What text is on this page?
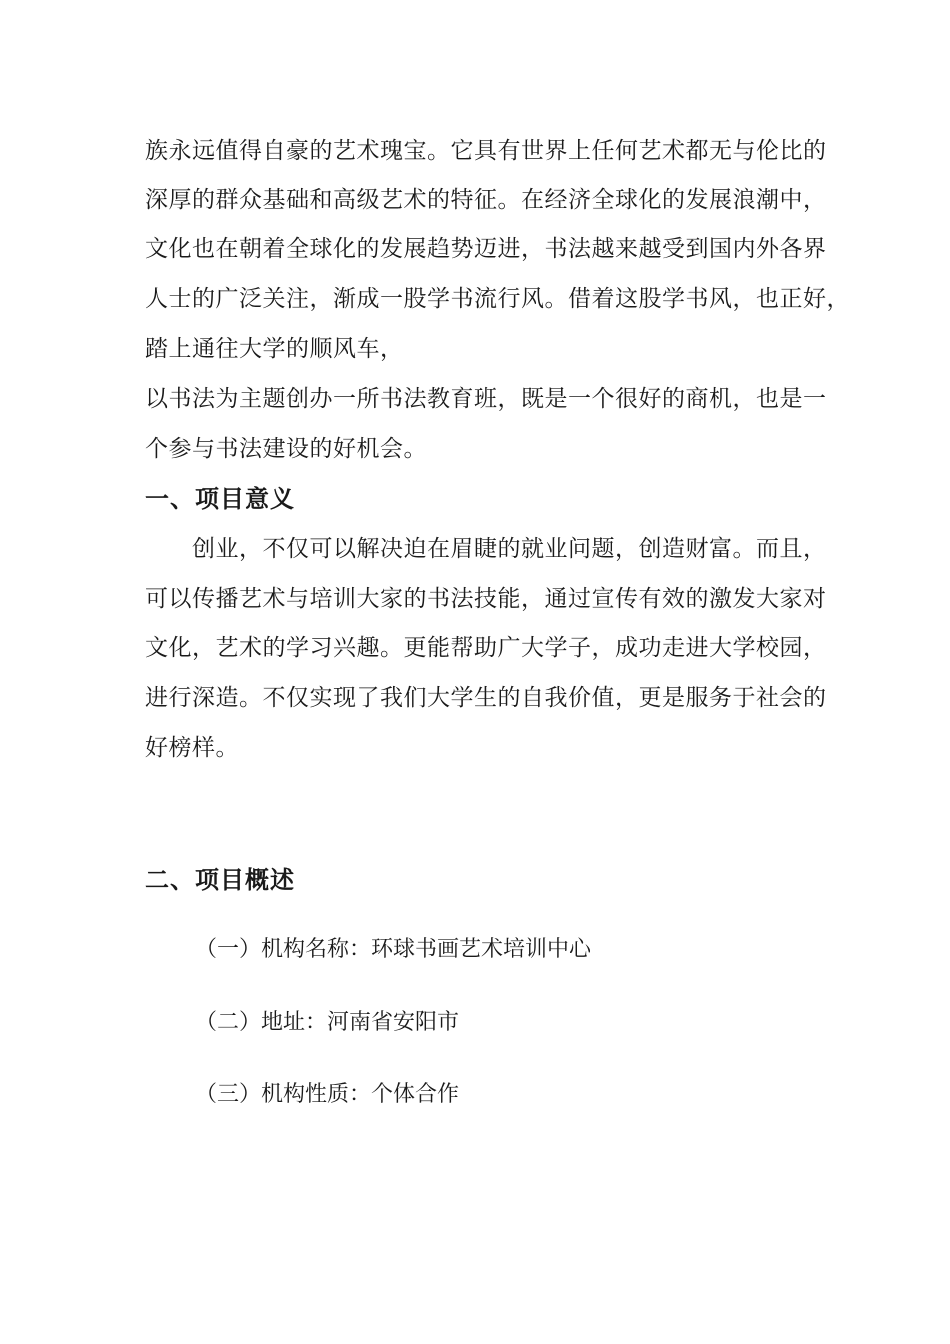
族永远值得自豪的艺术瑰宝。它具有世界上任何艺术都无与伦比的
深厚的群众基础和高级艺术的特征。在经济全球化的发展浪潮中，
文化也在朝着全球化的发展趋势迈进，书法越来越受到国内外各界
人士的广泛关注，渐成一股学书流行风。借着这股学书风，也正好，
踏上通往大学的顺风车，
以书法为主题创办一所书法教育班，既是一个很好的商机，也是一
个参与书法建设的好机会。
一、项目意义
创业，不仅可以解决迫在眉睫的就业问题，创造财富。而且，
可以传播艺术与培训大家的书法技能，通过宣传有效的激发大家对
文化，艺术的学习兴趣。更能帮助广大学子，成功走进大学校园，
进行深造。不仅实现了我们大学生的自我价值，更是服务于社会的
好榜样。
二、项目概述
（一）机构名称：环球书画艺术培训中心
（二）地址：河南省安阳市
（三）机构性质：个体合作
